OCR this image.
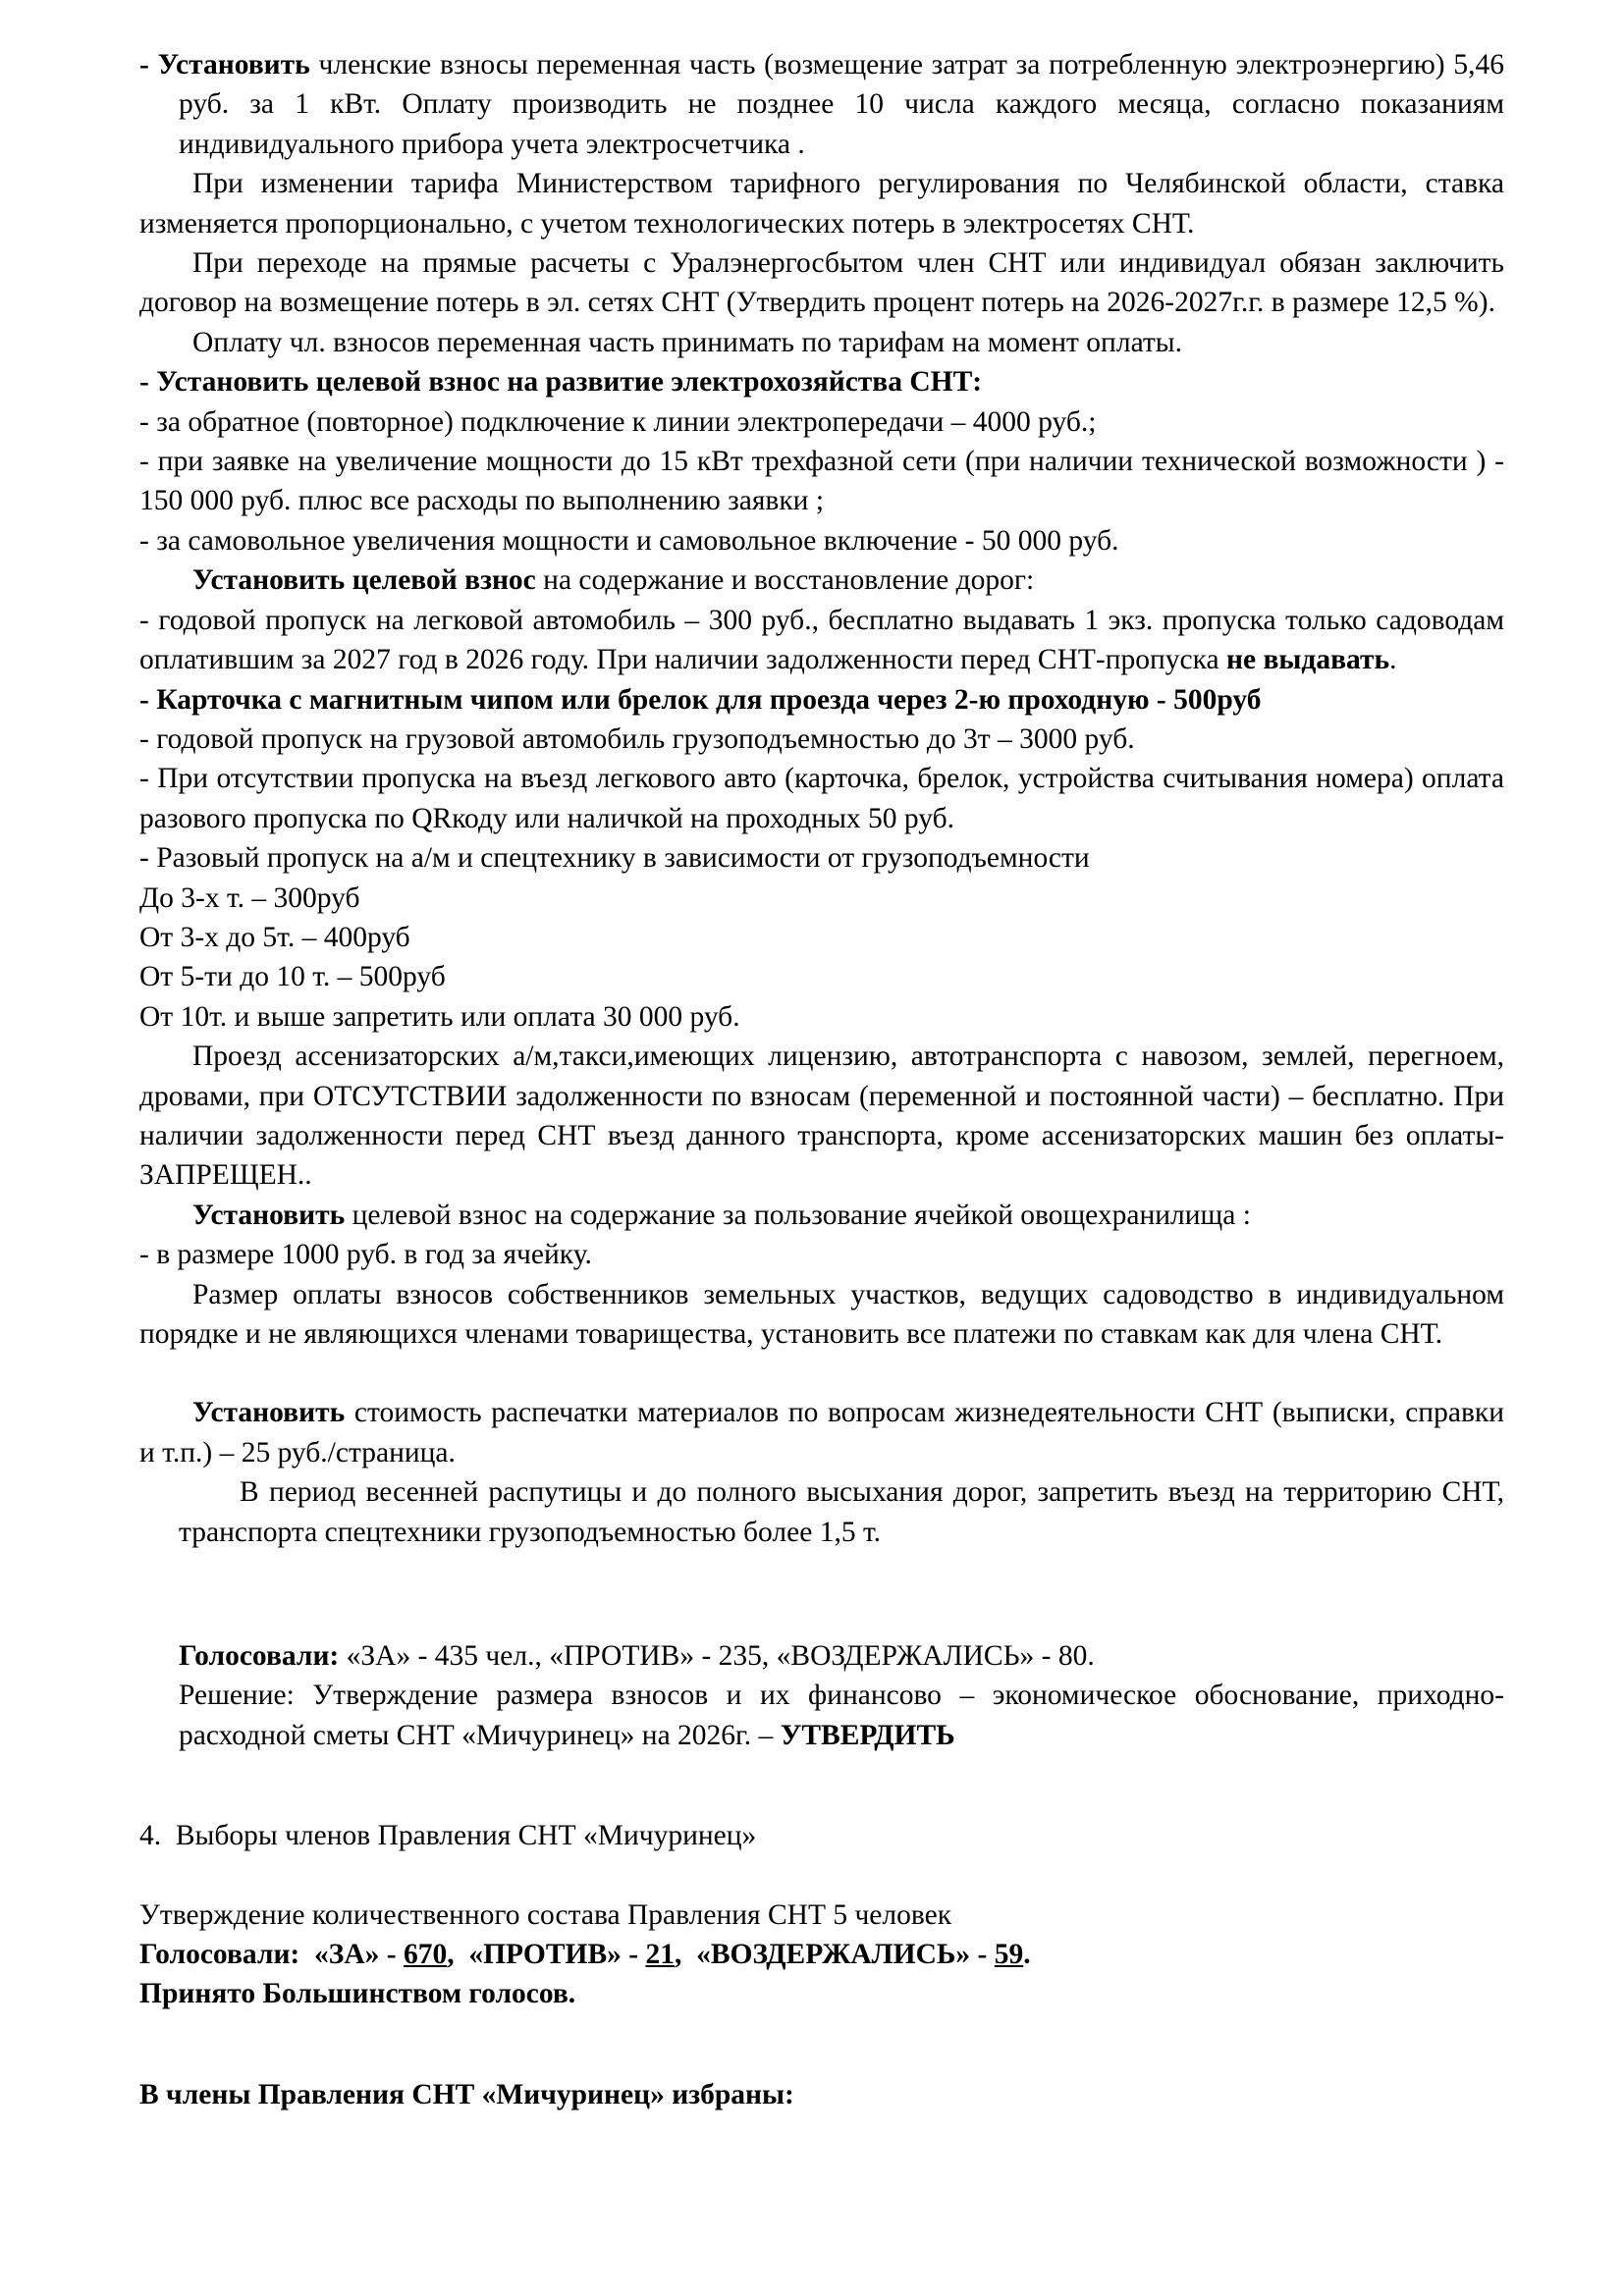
- Установить членские взносы переменная часть (возмещение затрат за потребленную электроэнергию) 5,46 руб. за 1 кВт. Оплату производить не позднее 10 числа каждого месяца, согласно показаниям индивидуального прибора учета электросчетчика .

При изменении тарифа Министерством тарифного регулирования по Челябинской области, ставка изменяется пропорционально, с учетом технологических потерь в электросетях СНТ.

При переходе на прямые расчеты с Уралэнергосбытом член СНТ или индивидуал обязан заключить договор на возмещение потерь в эл. сетях СНТ (Утвердить процент потерь на 2026-2027г.г. в размере 12,5 %).

Оплату чл. взносов переменная часть принимать по тарифам на момент оплаты.

- Установить целевой взнос на развитие электрохозяйства СНТ:

- за обратное (повторное) подключение к линии электропередачи – 4000 руб.;

- при заявке на увеличение мощности до 15 кВт трехфазной сети (при наличии технической возможности ) - 150 000 руб. плюс все расходы по выполнению заявки ;

- за самовольное увеличения мощности и самовольное включение - 50 000 руб.

Установить целевой взнос на содержание и восстановление дорог:

- годовой пропуск на легковой автомобиль – 300 руб., бесплатно выдавать 1 экз. пропуска только садоводам оплатившим за 2027 год в 2026 году. При наличии задолженности перед СНТ-пропуска не выдавать.

- Карточка с магнитным чипом или брелок для проезда через 2-ю проходную - 500руб

- годовой пропуск на грузовой автомобиль грузоподъемностью до 3т – 3000 руб.

- При отсутствии пропуска на въезд легкового авто (карточка, брелок, устройства считывания номера) оплата разового пропуска по QRкоду или наличкой на проходных 50 руб.

- Разовый пропуск на а/м и спецтехнику в зависимости от грузоподъемности

До 3-х т. – 300руб

От 3-х до 5т. – 400руб

От 5-ти до 10 т. – 500руб

От 10т. и выше запретить или оплата 30 000 руб.

Проезд ассенизаторских а/м,такси,имеющих лицензию, автотранспорта с навозом, землей, перегноем, дровами, при ОТСУТСТВИИ задолженности по взносам (переменной и постоянной части) – бесплатно. При наличии задолженности перед СНТ въезд данного транспорта, кроме ассенизаторских машин без оплаты-ЗАПРЕЩЕН..

Установить целевой взнос на содержание за пользование ячейкой овощехранилища :

- в размере 1000 руб. в год за ячейку.

Размер оплаты взносов собственников земельных участков, ведущих садоводство в индивидуальном порядке и не являющихся членами товарищества, установить все платежи по ставкам как для члена СНТ.

Установить стоимость распечатки материалов по вопросам жизнедеятельности СНТ (выписки, справки и т.п.) – 25 руб./страница.

В период весенней распутицы и до полного высыхания дорог, запретить въезд на территорию СНТ, транспорта спецтехники грузоподъемностью более 1,5 т.

Голосовали: «ЗА» - 435 чел., «ПРОТИВ» - 235, «ВОЗДЕРЖАЛИСЬ» - 80.

Решение: Утверждение размера взносов и их финансово – экономическое обоснование, приходно-расходной сметы СНТ «Мичуринец» на 2026г. – УТВЕРДИТЬ

4. Выборы членов Правления СНТ «Мичуринец»

Утверждение количественного состава Правления СНТ 5 человек

Голосовали: «ЗА» - 670, «ПРОТИВ» - 21, «ВОЗДЕРЖАЛИСЬ» - 59.

Принято Большинством голосов.

В члены Правления СНТ «Мичуринец» избраны:
